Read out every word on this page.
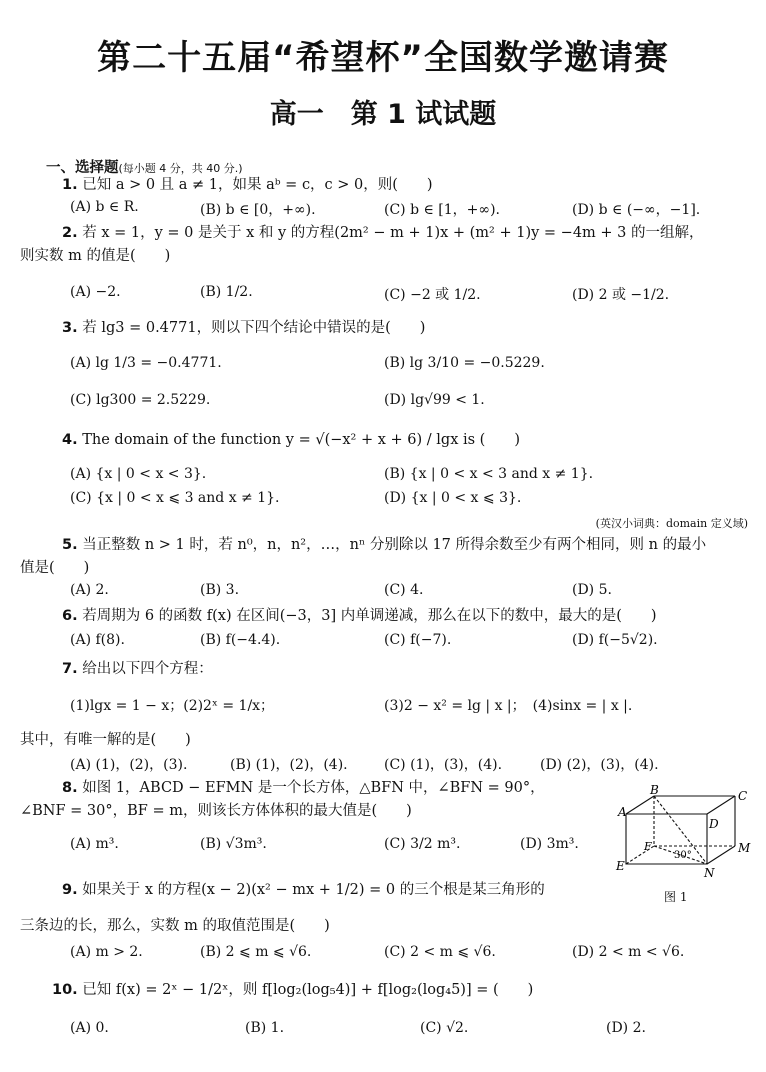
第二十五届“希望杯”全国数学邀请赛
高一　第 1 试试题
一、选择题(每小题 4 分，共 40 分.)
1. 已知 a > 0 且 a ≠ 1，如果 aᵇ = c，c > 0，则(　　)
(A) b ∈ R.	(B) b ∈ [0，+∞).	(C) b ∈ [1，+∞).	(D) b ∈ (−∞，−1].
2. 若 x = 1，y = 0 是关于 x 和 y 的方程(2m² − m + 1)x + (m² + 1)y = −4m + 3 的一组解，
则实数 m 的值是(　　)
(A) −2.	(B) 1/2.	(C) −2 或 1/2.	(D) 2 或 −1/2.
3. 若 lg3 = 0.4771，则以下四个结论中错误的是(　　)
(A) lg 1/3 = −0.4771.	(B) lg 3/10 = −0.5229.
(C) lg300 = 2.5229.	(D) lg√99 < 1.
4. The domain of the function y = √(−x² + x + 6) / lgx is (　　)
(A) {x | 0 < x < 3}.	(B) {x | 0 < x < 3 and x ≠ 1}.
(C) {x | 0 < x ⩽ 3 and x ≠ 1}.	(D) {x | 0 < x ⩽ 3}.
(英汉小词典：domain 定义域)
5. 当正整数 n > 1 时，若 n⁰，n，n²，…，nⁿ 分别除以 17 所得余数至少有两个相同，则 n 的最小
值是(　　)
(A) 2.	(B) 3.	(C) 4.	(D) 5.
6. 若周期为 6 的函数 f(x) 在区间(−3，3] 内单调递减，那么在以下的数中，最大的是(　　)
(A) f(8).	(B) f(−4.4).	(C) f(−7).	(D) f(−5√2).
7. 给出以下四个方程：
(1)lgx = 1 − x；(2)2ˣ = 1/x；	(3)2 − x² = lg | x |；　(4)sinx = | x |.
其中，有唯一解的是(　　)
(A) (1)，(2)，(3).	(B) (1)，(2)，(4).	(C) (1)，(3)，(4).	(D) (2)，(3)，(4).
8. 如图 1，ABCD − EFMN 是一个长方体，△BFN 中，∠BFN = 90°，
∠BNF = 30°，BF = m，则该长方体体积的最大值是(　　)
(A) m³.	(B) √3m³.	(C) 3/2 m³.	(D) 3m³.
A
B	C
D
E
F	M
N
30°
图 1
9. 如果关于 x 的方程(x − 2)(x² − mx + 1/2) = 0 的三个根是某三角形的
三条边的长，那么，实数 m 的取值范围是(　　)
(A) m > 2.	(B) 2 ⩽ m ⩽ √6.	(C) 2 < m ⩽ √6.	(D) 2 < m < √6.
10. 已知 f(x) = 2ˣ − 1/2ˣ，则 f[log₂(log₅4)] + f[log₂(log₄5)] = (　　)
(A) 0.	(B) 1.	(C) √2.	(D) 2.
